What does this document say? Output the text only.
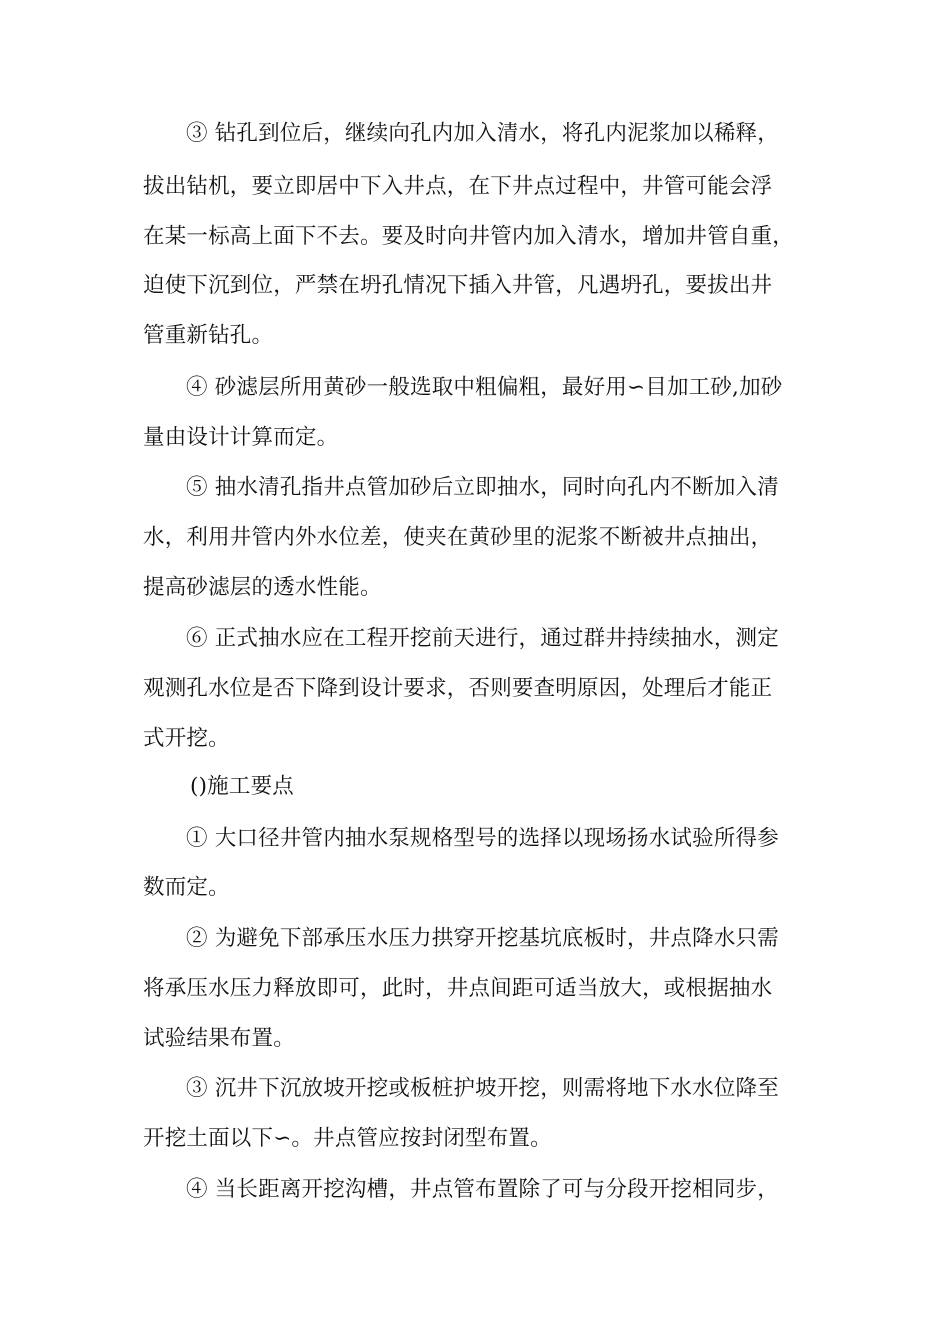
③ 钻孔到位后，继续向孔内加入清水，将孔内泥浆加以稀释，
拔出钻机，要立即居中下入井点，在下井点过程中，井管可能会浮
在某一标高上面下不去。要及时向井管内加入清水，增加井管自重，
迫使下沉到位，严禁在坍孔情况下插入井管，凡遇坍孔，要拔出井
管重新钻孔。
④ 砂滤层所用黄砂一般选取中粗偏粗，最好用∽目加工砂,加砂
量由设计计算而定。
⑤ 抽水清孔指井点管加砂后立即抽水，同时向孔内不断加入清
水，利用井管内外水位差，使夹在黄砂里的泥浆不断被井点抽出，
提高砂滤层的透水性能。
⑥ 正式抽水应在工程开挖前天进行，通过群井持续抽水，测定
观测孔水位是否下降到设计要求，否则要查明原因，处理后才能正
式开挖。
()施工要点
① 大口径井管内抽水泵规格型号的选择以现场扬水试验所得参
数而定。
② 为避免下部承压水压力拱穿开挖基坑底板时，井点降水只需
将承压水压力释放即可，此时，井点间距可适当放大，或根据抽水
试验结果布置。
③ 沉井下沉放坡开挖或板桩护坡开挖，则需将地下水水位降至
开挖土面以下∽。井点管应按封闭型布置。
④ 当长距离开挖沟槽，井点管布置除了可与分段开挖相同步，
